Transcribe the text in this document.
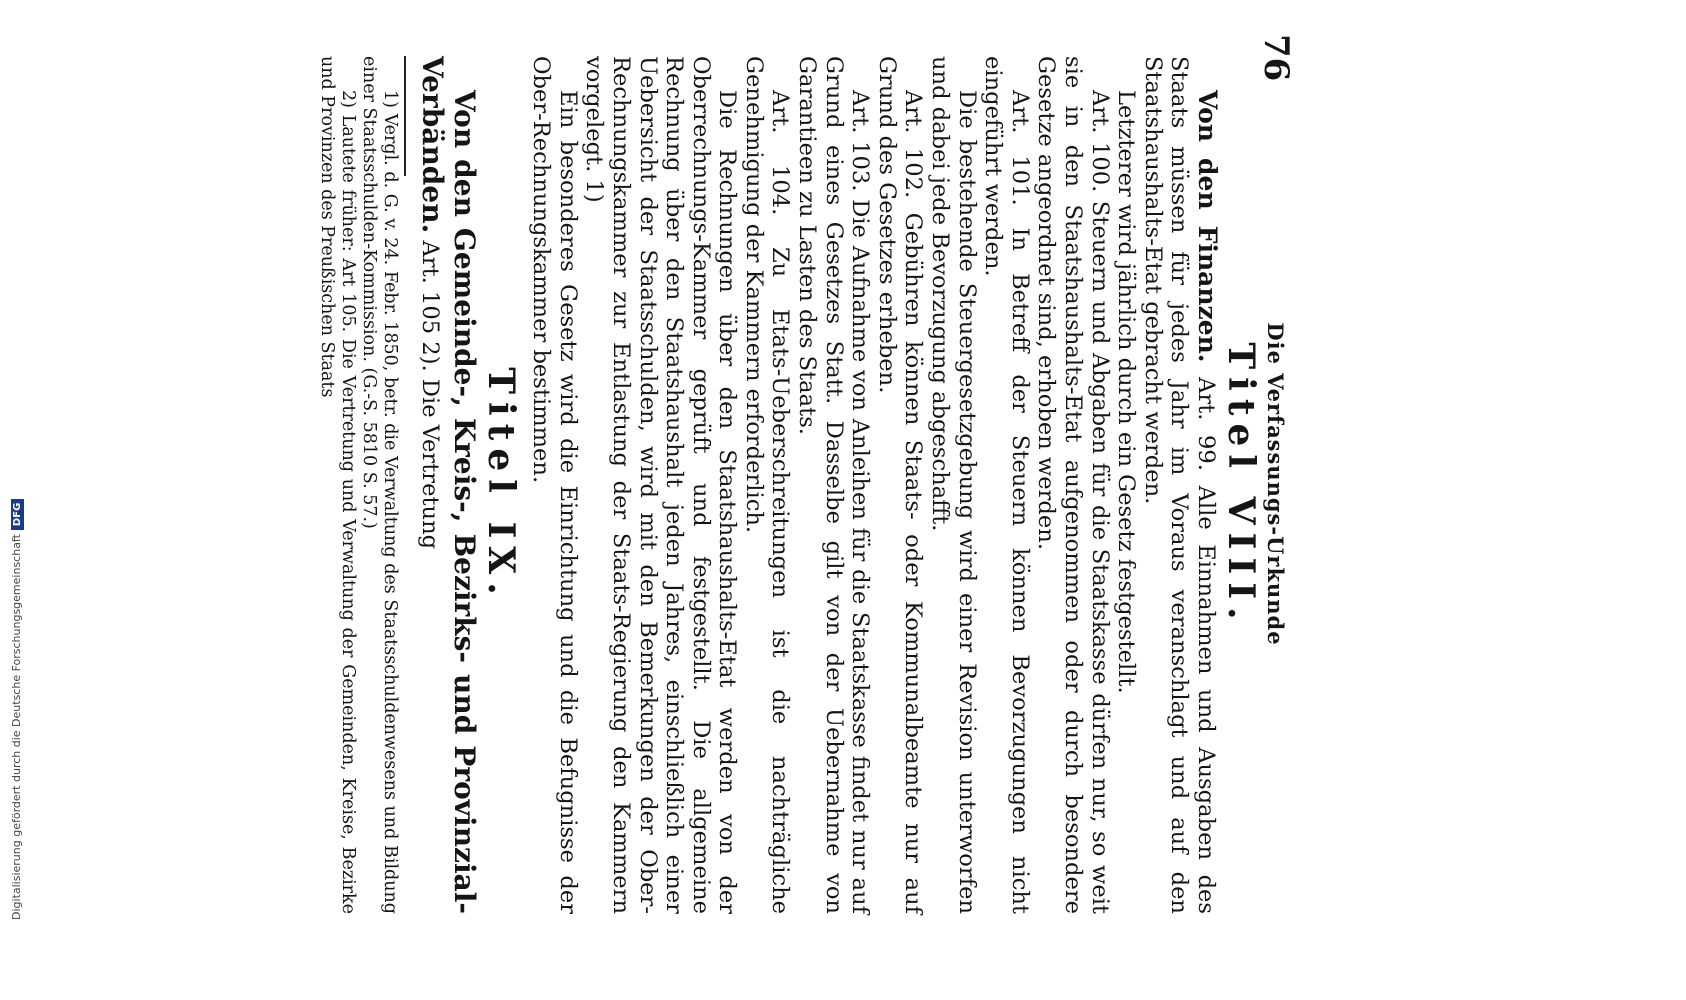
76
Die Verfassungs-Urkunde

Titel VIII.

Von den Finanzen. Art. 99. Alle Einnahmen und Ausgaben des Staats müssen für jedes Jahr im Voraus veranschlagt und auf den Staatshaushalts-Etat gebracht werden.

Letzterer wird jährlich durch ein Gesetz festgestellt.

Art. 100. Steuern und Abgaben für die Staatskasse dürfen nur, so weit sie in den Staatshaushalts-Etat aufgenommen oder durch besondere Gesetze angeordnet sind, erhoben werden.

Art. 101. In Betreff der Steuern können Bevorzugungen nicht eingeführt werden.

Die bestehende Steuergesetzgebung wird einer Revision unterworfen und dabei jede Bevorzugung abgeschafft.

Art. 102. Gebühren können Staats- oder Kommunalbeamte nur auf Grund des Gesetzes erheben.

Art. 103. Die Aufnahme von Anleihen für die Staatskasse findet nur auf Grund eines Gesetzes Statt. Dasselbe gilt von der Uebernahme von Garantieen zu Lasten des Staats.

Art. 104. Zu Etats-Ueberschreitungen ist die nachträgliche Genehmigung der Kammern erforderlich.

Die Rechnungen über den Staatshaushalts-Etat werden von der Oberrechnungs-Kammer geprüft und festgestellt. Die allgemeine Rechnung über den Staatshaushalt jeden Jahres, einschließlich einer Uebersicht der Staatsschulden, wird mit den Bemerkungen der Ober-Rechnungskammer zur Entlastung der Staats-Regierung den Kammern vorgelegt. 1)

Ein besonderes Gesetz wird die Einrichtung und die Befugnisse der Ober-Rechnungskammer bestimmen.

Titel IX.

Von den Gemeinde-, Kreis-, Bezirks- und Provinzial-Verbänden. Art. 105 2). Die Vertretung

1) Vergl. d. G. v. 24. Febr. 1850, betr. die Verwaltung des Staatsschuldenwesens und Bildung einer Staatsschulden-Kommission. (G.-S. 5810 S. 57.)

2) Lautete früher: Art 105. Die Vertretung und Verwaltung der Gemeinden, Kreise, Bezirke und Provinzen des Preußischen Staats

Digitalisierung gefördert durch die Deutsche ForschungsgemeinschaftDFG
